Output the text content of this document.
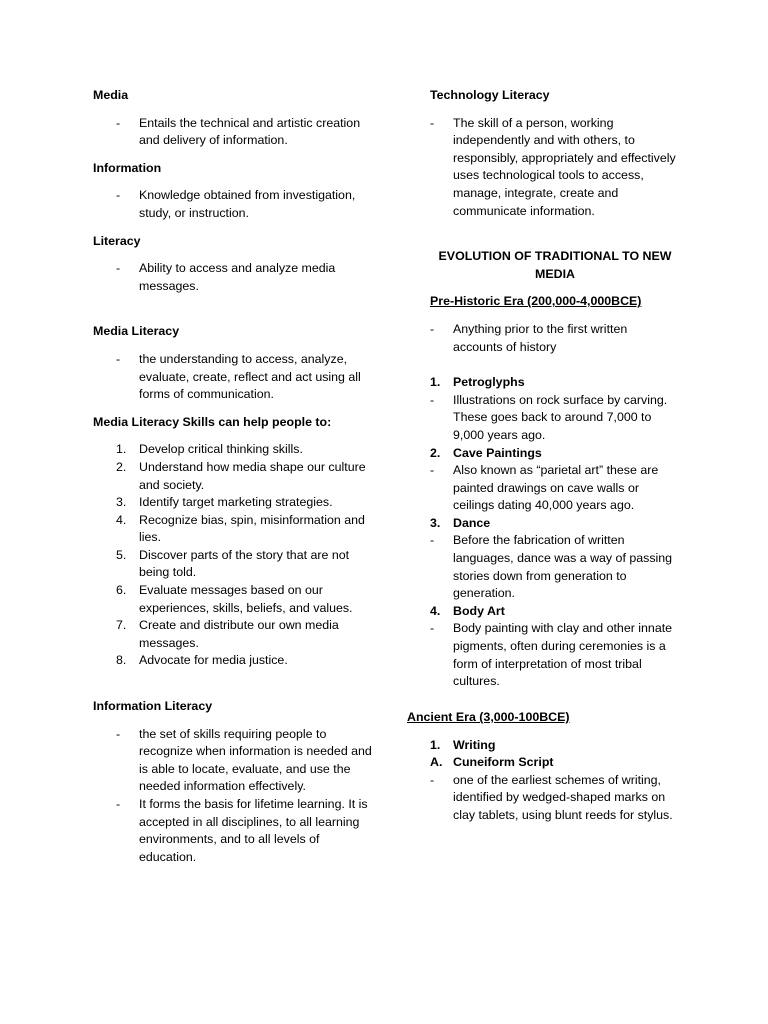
Media

- Entails the technical and artistic creation and delivery of information.

Information

- Knowledge obtained from investigation, study, or instruction.

Literacy

- Ability to access and analyze media messages.

Media Literacy

- the understanding to access, analyze, evaluate, create, reflect and act using all forms of communication.

Media Literacy Skills can help people to:

1. Develop critical thinking skills.

2. Understand how media shape our culture and society.

3. Identify target marketing strategies.

4. Recognize bias, spin, misinformation and lies.

5. Discover parts of the story that are not being told.

6. Evaluate messages based on our experiences, skills, beliefs, and values.

7. Create and distribute our own media messages.

8. Advocate for media justice.

Information Literacy

- the set of skills requiring people to recognize when information is needed and is able to locate, evaluate, and use the needed information effectively.

- It forms the basis for lifetime learning. It is accepted in all disciplines, to all learning environments, and to all levels of education.

Technology Literacy

- The skill of a person, working independently and with others, to responsibly, appropriately and effectively uses technological tools to access, manage, integrate, create and communicate information.

EVOLUTION OF TRADITIONAL TO NEW MEDIA

Pre-Historic Era (200,000-4,000BCE)

- Anything prior to the first written accounts of history

1. Petroglyphs

- Illustrations on rock surface by carving. These goes back to around 7,000 to 9,000 years ago.

2. Cave Paintings

- Also known as “parietal art” these are painted drawings on cave walls or ceilings dating 40,000 years ago.

3. Dance

- Before the fabrication of written languages, dance was a way of passing stories down from generation to generation.

4. Body Art

- Body painting with clay and other innate pigments, often during ceremonies is a form of interpretation of most tribal cultures.

Ancient Era (3,000-100BCE)

1. Writing

A. Cuneiform Script

- one of the earliest schemes of writing, identified by wedged-shaped marks on clay tablets, using blunt reeds for stylus.
